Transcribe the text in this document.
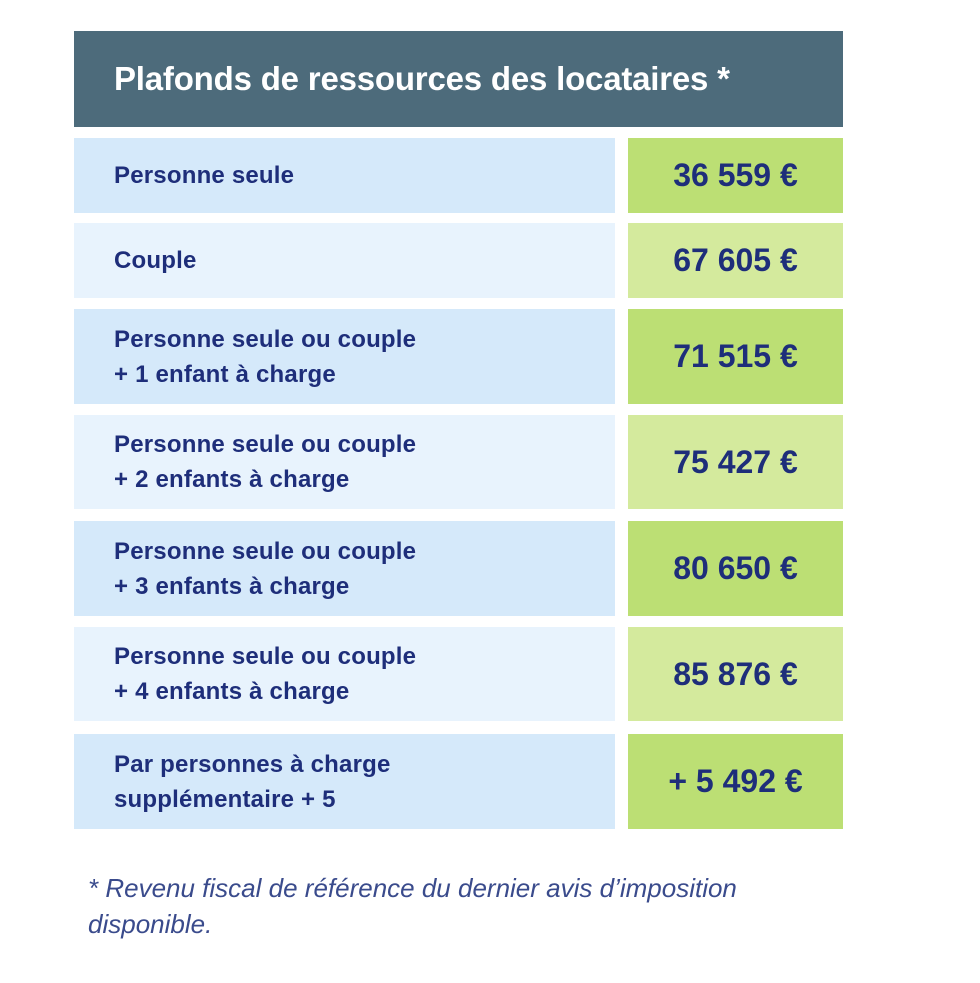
Plafonds de ressources des locataires *
Personne seule	36 559 €
Couple	67 605 €
Personne seule ou couple
+ 1 enfant à charge	71 515 €
Personne seule ou couple
+ 2 enfants à charge	75 427 €
Personne seule ou couple
+ 3 enfants à charge	80 650 €
Personne seule ou couple
+ 4 enfants à charge	85 876 €
Par personnes à charge
supplémentaire + 5	+ 5 492 €
* Revenu fiscal de référence du dernier avis d’imposition
disponible.
